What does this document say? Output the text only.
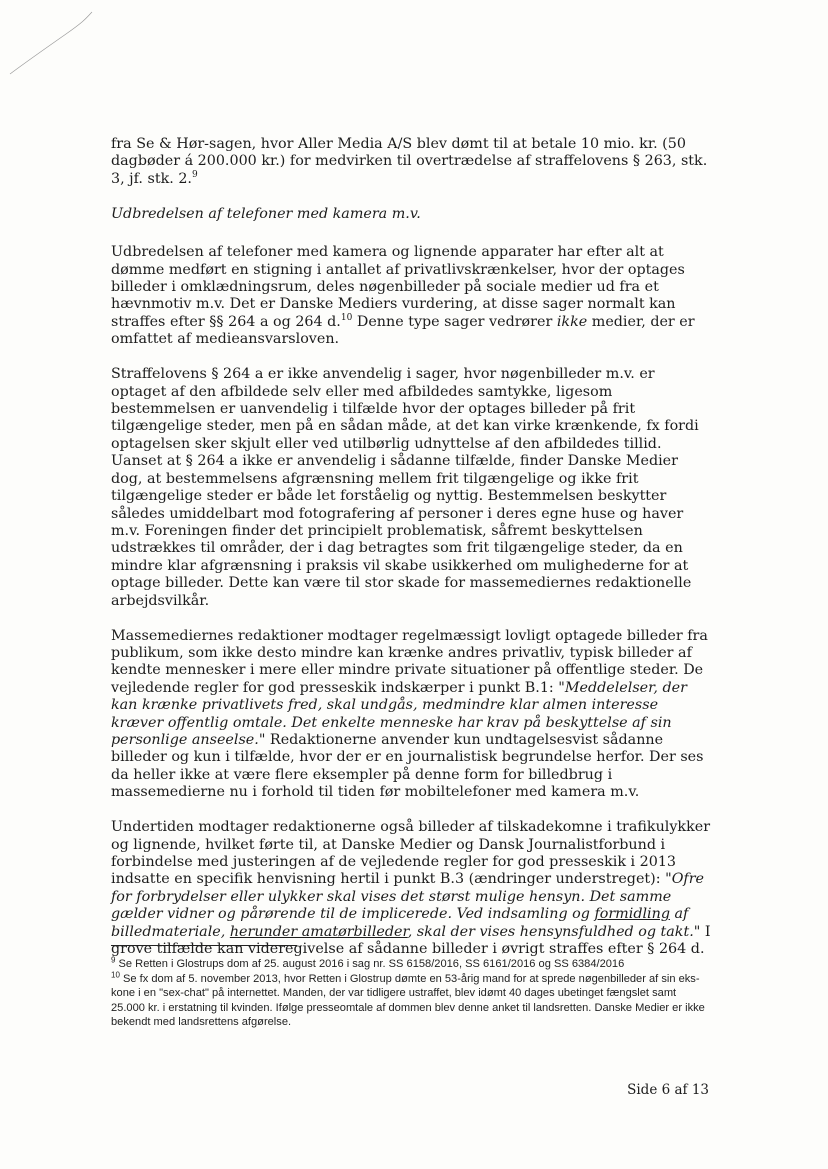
fra Se & Hør-sagen, hvor Aller Media A/S blev dømt til at betale 10 mio. kr. (50 dagbøder á 200.000 kr.) for medvirken til overtrædelse af straffelovens § 263, stk. 3, jf. stk. 2.$^9$

Udbredelsen af telefoner med kamera m.v.

Udbredelsen af telefoner med kamera og lignende apparater har efter alt at dømme medført en stigning i antallet af privatlivskrænkelser, hvor der optages billeder i omklædningsrum, deles nøgenbilleder på sociale medier ud fra et hævnmotiv m.v. Det er Danske Mediers vurdering, at disse sager normalt kan straffes efter §§ 264 a og 264 d.$^{10}$ Denne type sager vedrører ikke medier, der er omfattet af medieansvarsloven.

Straffelovens § 264 a er ikke anvendelig i sager, hvor nøgenbilleder m.v. er optaget af den afbildede selv eller med afbildedes samtykke, ligesom bestemmelsen er uanvendelig i tilfælde hvor der optages billeder på frit tilgængelige steder, men på en sådan måde, at det kan virke krænkende, fx fordi optagelsen sker skjult eller ved utilbørlig udnyttelse af den afbildedes tillid. Uanset at § 264 a ikke er anvendelig i sådanne tilfælde, finder Danske Medier dog, at bestemmelsens afgrænsning mellem frit tilgængelige og ikke frit tilgængelige steder er både let forståelig og nyttig. Bestemmelsen beskytter således umiddelbart mod fotografering af personer i deres egne huse og haver m.v. Foreningen finder det principielt problematisk, såfremt beskyttelsen udstrækkes til områder, der i dag betragtes som frit tilgængelige steder, da en mindre klar afgrænsning i praksis vil skabe usikkerhed om mulighederne for at optage billeder. Dette kan være til stor skade for massemediernes redaktionelle arbejdsvilkår.

Massemediernes redaktioner modtager regelmæssigt lovligt optagede billeder fra publikum, som ikke desto mindre kan krænke andres privatliv, typisk billeder af kendte mennesker i mere eller mindre private situationer på offentlige steder. De vejledende regler for god presseskik indskærper i punkt B.1: "Meddelelser, der kan krænke privatlivets fred, skal undgås, medmindre klar almen interesse kræver offentlig omtale. Det enkelte menneske har krav på beskyttelse af sin personlige anseelse." Redaktionerne anvender kun undtagelsesvist sådanne billeder og kun i tilfælde, hvor der er en journalistisk begrundelse herfor. Der ses da heller ikke at være flere eksempler på denne form for billedbrug i massemedierne nu i forhold til tiden før mobiltelefoner med kamera m.v.

Undertiden modtager redaktionerne også billeder af tilskadekomne i trafikulykker og lignende, hvilket førte til, at Danske Medier og Dansk Journalistforbund i forbindelse med justeringen af de vejledende regler for god presseskik i 2013 indsatte en specifik henvisning hertil i punkt B.3 (ændringer understreget): "Ofre for forbrydelser eller ulykker skal vises det størst mulige hensyn. Det samme gælder vidner og pårørende til de implicerede. Ved indsamling og formidling af billedmateriale, herunder amatørbilleder, skal der vises hensynsfuldhed og takt." I grove tilfælde kan videregivelse af sådanne billeder i øvrigt straffes efter § 264 d.

$^9$ Se Retten i Glostrups dom af 25. august 2016 i sag nr. SS 6158/2016, SS 6161/2016 og SS 6384/2016

$^{10}$ Se fx dom af 5. november 2013, hvor Retten i Glostrup dømte en 53-årig mand for at sprede nøgenbilleder af sin eks-kone i en "sex-chat" på internettet. Manden, der var tidligere ustraffet, blev idømt 40 dages ubetinget fængslet samt 25.000 kr. i erstatning til kvinden. Ifølge presseomtale af dommen blev denne anket til landsretten. Danske Medier er ikke bekendt med landsrettens afgørelse.

Side 6 af 13
